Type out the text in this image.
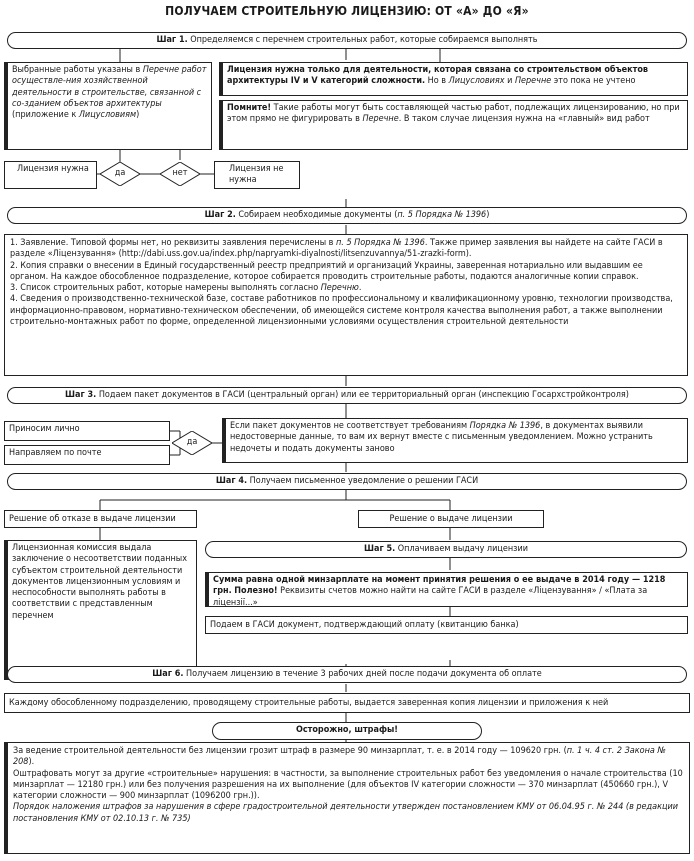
ПОЛУЧАЕМ СТРОИТЕЛЬНУЮ ЛИЦЕНЗИЮ: ОТ «А» ДО «Я»
Шаг 1. Определяемся с перечнем строительных работ, которые собираемся выполнять
Выбранные работы указаны в Перечне работ осуществле-ния хозяйственной деятельности в строительстве, связанной с со-зданием объектов архитектуры (приложение к Лицусловиям)
Лицензия нужна только для деятельности, которая связана со строительством объектов архитектуры IV и V категорий сложности. Но в Лицусловиях и Перечне это пока не учтено
Помните! Такие работы могут быть составляющей частью работ, подлежащих лицензированию, но при этом прямо не фигурировать в Перечне. В таком случае лицензия нужна на «главный» вид работ
Лицензия нужна	да	нет	Лицензия не нужна
Шаг 2. Собираем необходимые документы (п. 5 Порядка № 1396)
1. Заявление. Типовой формы нет, но реквизиты заявления перечислены в п. 5 Порядка № 1396. Также пример заявления вы найдете на сайте ГАСИ в разделе «Ліцензування» (http://dabi.uss.gov.ua/index.php/napryamki-diyalnosti/litsenzuvannya/51-zrazki-form).
2. Копия справки о внесении в Единый государственный реестр предприятий и организаций Украины, заверенная нотариально или выдавшим ее органом. На каждое обособленное подразделение, которое собирается проводить строительные работы, подаются аналогичные копии справок.
3. Список строительных работ, которые намерены выполнять согласно Перечню.
4. Сведения о производственно-технической базе, составе работников по профессиональному и квалификационному уровню, технологии производства, информационно-правовом, нормативно-техническом обеспечении, об имеющейся системе контроля качества выполнения работ, а также выполнении строительно-монтажных работ по форме, определенной лицензионными условиями осуществления строительной деятельности
Шаг 3. Подаем пакет документов в ГАСИ (центральный орган) или ее территориальный орган (инспекцию Госархстройконтроля)
Приносим лично
Направляем по почте
да
Если пакет документов не соответствует требованиям Порядка № 1396, в документах выявили недостоверные данные, то вам их вернут вместе с письменным уведомлением. Можно устранить недочеты и подать документы заново
Шаг 4. Получаем письменное уведомление о решении ГАСИ
Решение об отказе в выдаче лицензии	Решение о выдаче лицензии
Лицензионная комиссия выдала заключение о несоответствии поданных субъектом строительной деятельности документов лицензионным условиям и неспособности выполнять работы в соответствии с представленным перечнем
Шаг 5. Оплачиваем выдачу лицензии
Сумма равна одной минзарплате на момент принятия решения о ее выдаче в 2014 году — 1218 грн. Полезно! Реквизиты счетов можно найти на сайте ГАСИ в разделе «Ліцензування» / «Плата за ліцензії...»
Подаем в ГАСИ документ, подтверждающий оплату (квитанцию банка)
Шаг 6. Получаем лицензию в течение 3 рабочих дней после подачи документа об оплате
Каждому обособленному подразделению, проводящему строительные работы, выдается заверенная копия лицензии и приложения к ней
Осторожно, штрафы!
За ведение строительной деятельности без лицензии грозит штраф в размере 90 минзарплат, т. е. в 2014 году — 109620 грн. (п. 1 ч. 4 ст. 2 Закона № 208).
Оштрафовать могут за другие «строительные» нарушения: в частности, за выполнение строительных работ без уведомления о начале строительства (10 минзарплат — 12180 грн.) или без получения разрешения на их выполнение (для объектов IV категории сложности — 370 минзарплат (450660 грн.), V категории сложности — 900 минзарплат (1096200 грн.)).
Порядок наложения штрафов за нарушения в сфере градостроительной деятельности утвержден постановлением КМУ от 06.04.95 г. № 244 (в редакции постановления КМУ от 02.10.13 г. № 735)
